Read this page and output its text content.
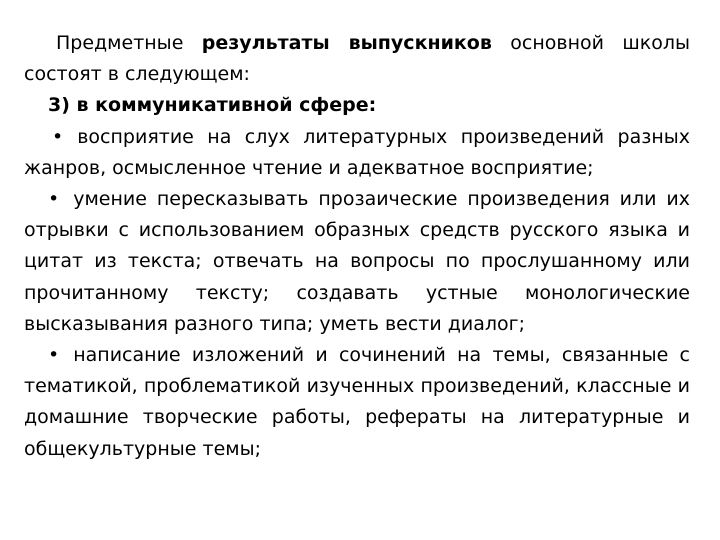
Предметные результаты выпускников основной школы состоят в следующем:

3) в коммуникативной сфере:

• восприятие на слух литературных произведений разных жанров, осмысленное чтение и адекватное восприятие;

• умение пересказывать прозаические произведения или их отрывки с использованием образных средств русского языка и цитат из текста; отвечать на вопросы по прослушанному или прочитанному тексту; создавать устные монологические высказывания разного типа; уметь вести диалог;

• написание изложений и сочинений на темы, связанные с тематикой, проблематикой изученных произведений, классные и домашние творческие работы, рефераты на литературные и общекультурные темы;
